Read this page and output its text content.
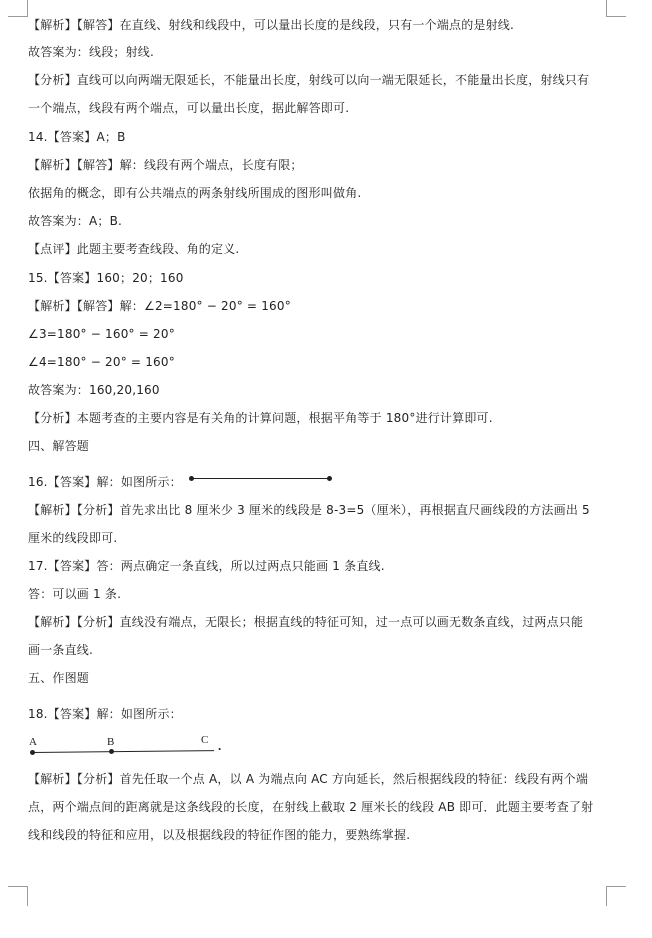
【解析】【解答】在直线、射线和线段中，可以量出长度的是线段，只有一个端点的是射线.
故答案为：线段；射线.
【分析】直线可以向两端无限延长，不能量出长度，射线可以向一端无限延长，不能量出长度，射线只有
一个端点，线段有两个端点，可以量出长度，据此解答即可.
14.【答案】A；B
【解析】【解答】解：线段有两个端点，长度有限；
依据角的概念，即有公共端点的两条射线所围成的图形叫做角.
故答案为：A；B.
【点评】此题主要考查线段、角的定义.
15.【答案】160；20；160
【解析】【解答】解：∠2=180° − 20° = 160°
∠3=180° − 160° = 20°
∠4=180° − 20° = 160°
故答案为：160,20,160
【分析】本题考查的主要内容是有关角的计算问题，根据平角等于 180°进行计算即可.
四、解答题
16.【答案】解：如图所示：
【解析】【分析】首先求出比 8 厘米少 3 厘米的线段是 8-3=5（厘米），再根据直尺画线段的方法画出 5
厘米的线段即可.
17.【答案】答：两点确定一条直线，所以过两点只能画 1 条直线.
答：可以画 1 条.
【解析】【分析】直线没有端点，无限长；根据直线的特征可知，过一点可以画无数条直线，过两点只能
画一条直线.
五、作图题
18.【答案】解：如图所示：
A	B	C .
【解析】【分析】首先任取一个点 A，以 A 为端点向 AC 方向延长，然后根据线段的特征：线段有两个端
点，两个端点间的距离就是这条线段的长度，在射线上截取 2 厘米长的线段 AB 即可．此题主要考查了射
线和线段的特征和应用，以及根据线段的特征作图的能力，要熟练掌握.
